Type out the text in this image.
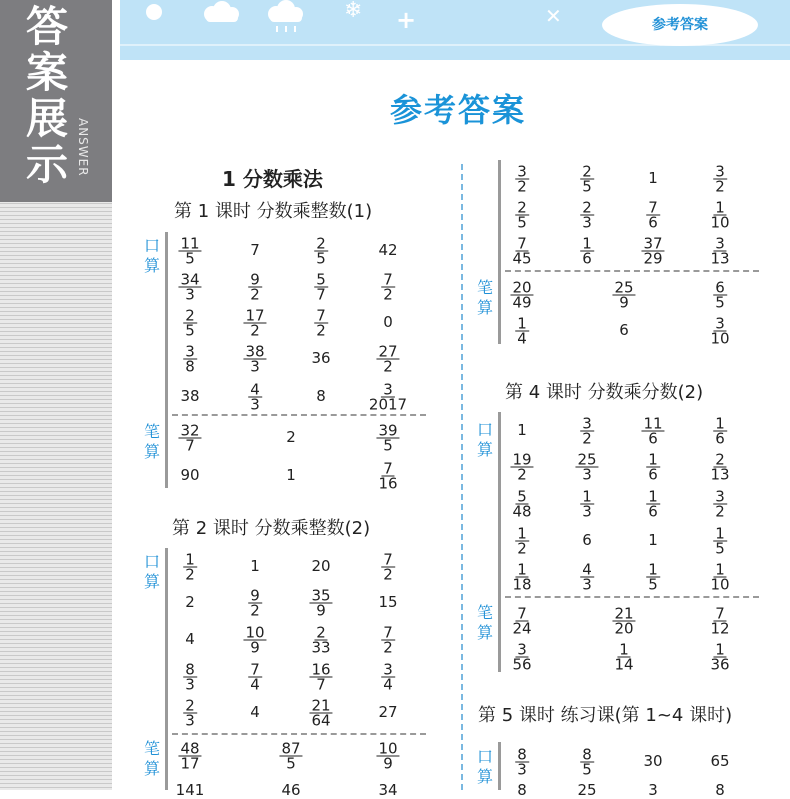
答
案
展
示 ANSWER
❄ +	✕	参考答案
参考答案
1 分数乘法
第 1 课时 分数乘整数(1)
第 2 课时 分数乘整数(2)
第 4 课时 分数乘分数(2)
第 5 课时 练习课(第 1~4 课时)
口算
笔算
口算
笔算
笔算
口算
笔算
口算
$\frac{11}{5}$	7	$\frac{2}{5}$	42
$\frac{34}{3}$	$\frac{9}{2}$	$\frac{5}{7}$	$\frac{7}{2}$
$\frac{2}{5}$	$\frac{17}{2}$	$\frac{7}{2}$	0
$\frac{3}{8}$	$\frac{38}{3}$	36	$\frac{27}{2}$
38	$\frac{4}{3}$	8	$\frac{3}{2017}$
$\frac{32}{7}$	2	$\frac{39}{5}$
90	1	$\frac{7}{16}$
$\frac{1}{2}$	1	20	$\frac{7}{2}$
2	$\frac{9}{2}$	$\frac{35}{9}$	15
4	$\frac{10}{9}$	$\frac{2}{33}$	$\frac{7}{2}$
$\frac{8}{3}$	$\frac{7}{4}$	$\frac{16}{7}$	$\frac{3}{4}$
$\frac{2}{3}$	4	$\frac{21}{64}$	27
$\frac{48}{17}$	$\frac{87}{5}$	$\frac{10}{9}$
141	46	34
$\frac{3}{2}$	$\frac{2}{5}$	1	$\frac{3}{2}$
$\frac{2}{5}$	$\frac{2}{3}$	$\frac{7}{6}$	$\frac{1}{10}$
$\frac{7}{45}$	$\frac{1}{6}$	$\frac{37}{29}$	$\frac{3}{13}$
$\frac{20}{49}$	$\frac{25}{9}$	$\frac{6}{5}$
$\frac{1}{4}$	6	$\frac{3}{10}$
1	$\frac{3}{2}$	$\frac{11}{6}$	$\frac{1}{6}$
$\frac{19}{2}$	$\frac{25}{3}$	$\frac{1}{6}$	$\frac{2}{13}$
$\frac{5}{48}$	$\frac{1}{3}$	$\frac{1}{6}$	$\frac{3}{2}$
$\frac{1}{2}$	6	1	$\frac{1}{5}$
$\frac{1}{18}$	$\frac{4}{3}$	$\frac{1}{5}$	$\frac{1}{10}$
$\frac{7}{24}$	$\frac{21}{20}$	$\frac{7}{12}$
$\frac{3}{56}$	$\frac{1}{14}$	$\frac{1}{36}$
$\frac{8}{3}$	$\frac{8}{5}$	30	65
8	25	3	8
